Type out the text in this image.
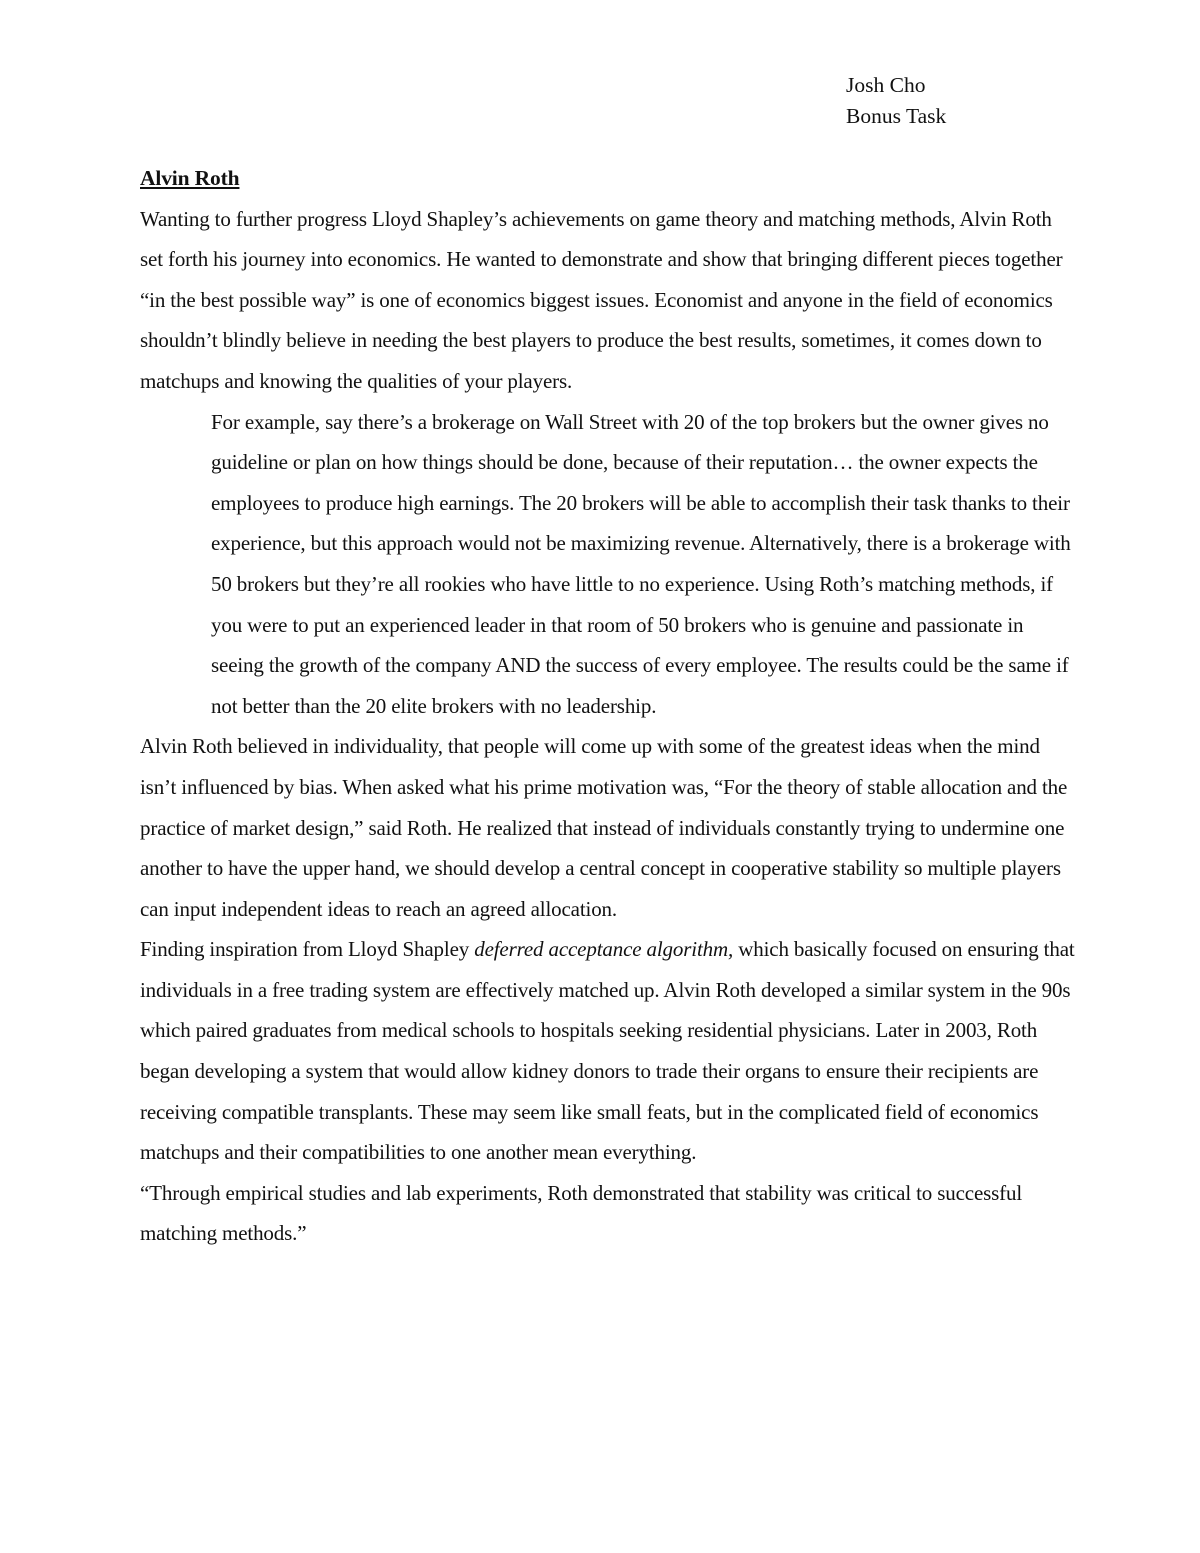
Josh Cho
Bonus Task

Alvin Roth

Wanting to further progress Lloyd Shapley’s achievements on game theory and matching methods, Alvin Roth set forth his journey into economics. He wanted to demonstrate and show that bringing different pieces together “in the best possible way” is one of economics biggest issues. Economist and anyone in the field of economics shouldn’t blindly believe in needing the best players to produce the best results, sometimes, it comes down to matchups and knowing the qualities of your players.

For example, say there’s a brokerage on Wall Street with 20 of the top brokers but the owner gives no guideline or plan on how things should be done, because of their reputation… the owner expects the employees to produce high earnings. The 20 brokers will be able to accomplish their task thanks to their experience, but this approach would not be maximizing revenue. Alternatively, there is a brokerage with 50 brokers but they’re all rookies who have little to no experience. Using Roth’s matching methods, if you were to put an experienced leader in that room of 50 brokers who is genuine and passionate in seeing the growth of the company AND the success of every employee. The results could be the same if not better than the 20 elite brokers with no leadership.

Alvin Roth believed in individuality, that people will come up with some of the greatest ideas when the mind isn’t influenced by bias. When asked what his prime motivation was, “For the theory of stable allocation and the practice of market design,” said Roth. He realized that instead of individuals constantly trying to undermine one another to have the upper hand, we should develop a central concept in cooperative stability so multiple players can input independent ideas to reach an agreed allocation.

Finding inspiration from Lloyd Shapley deferred acceptance algorithm, which basically focused on ensuring that individuals in a free trading system are effectively matched up. Alvin Roth developed a similar system in the 90s which paired graduates from medical schools to hospitals seeking residential physicians. Later in 2003, Roth began developing a system that would allow kidney donors to trade their organs to ensure their recipients are receiving compatible transplants. These may seem like small feats, but in the complicated field of economics matchups and their compatibilities to one another mean everything.

“Through empirical studies and lab experiments, Roth demonstrated that stability was critical to successful matching methods.”
